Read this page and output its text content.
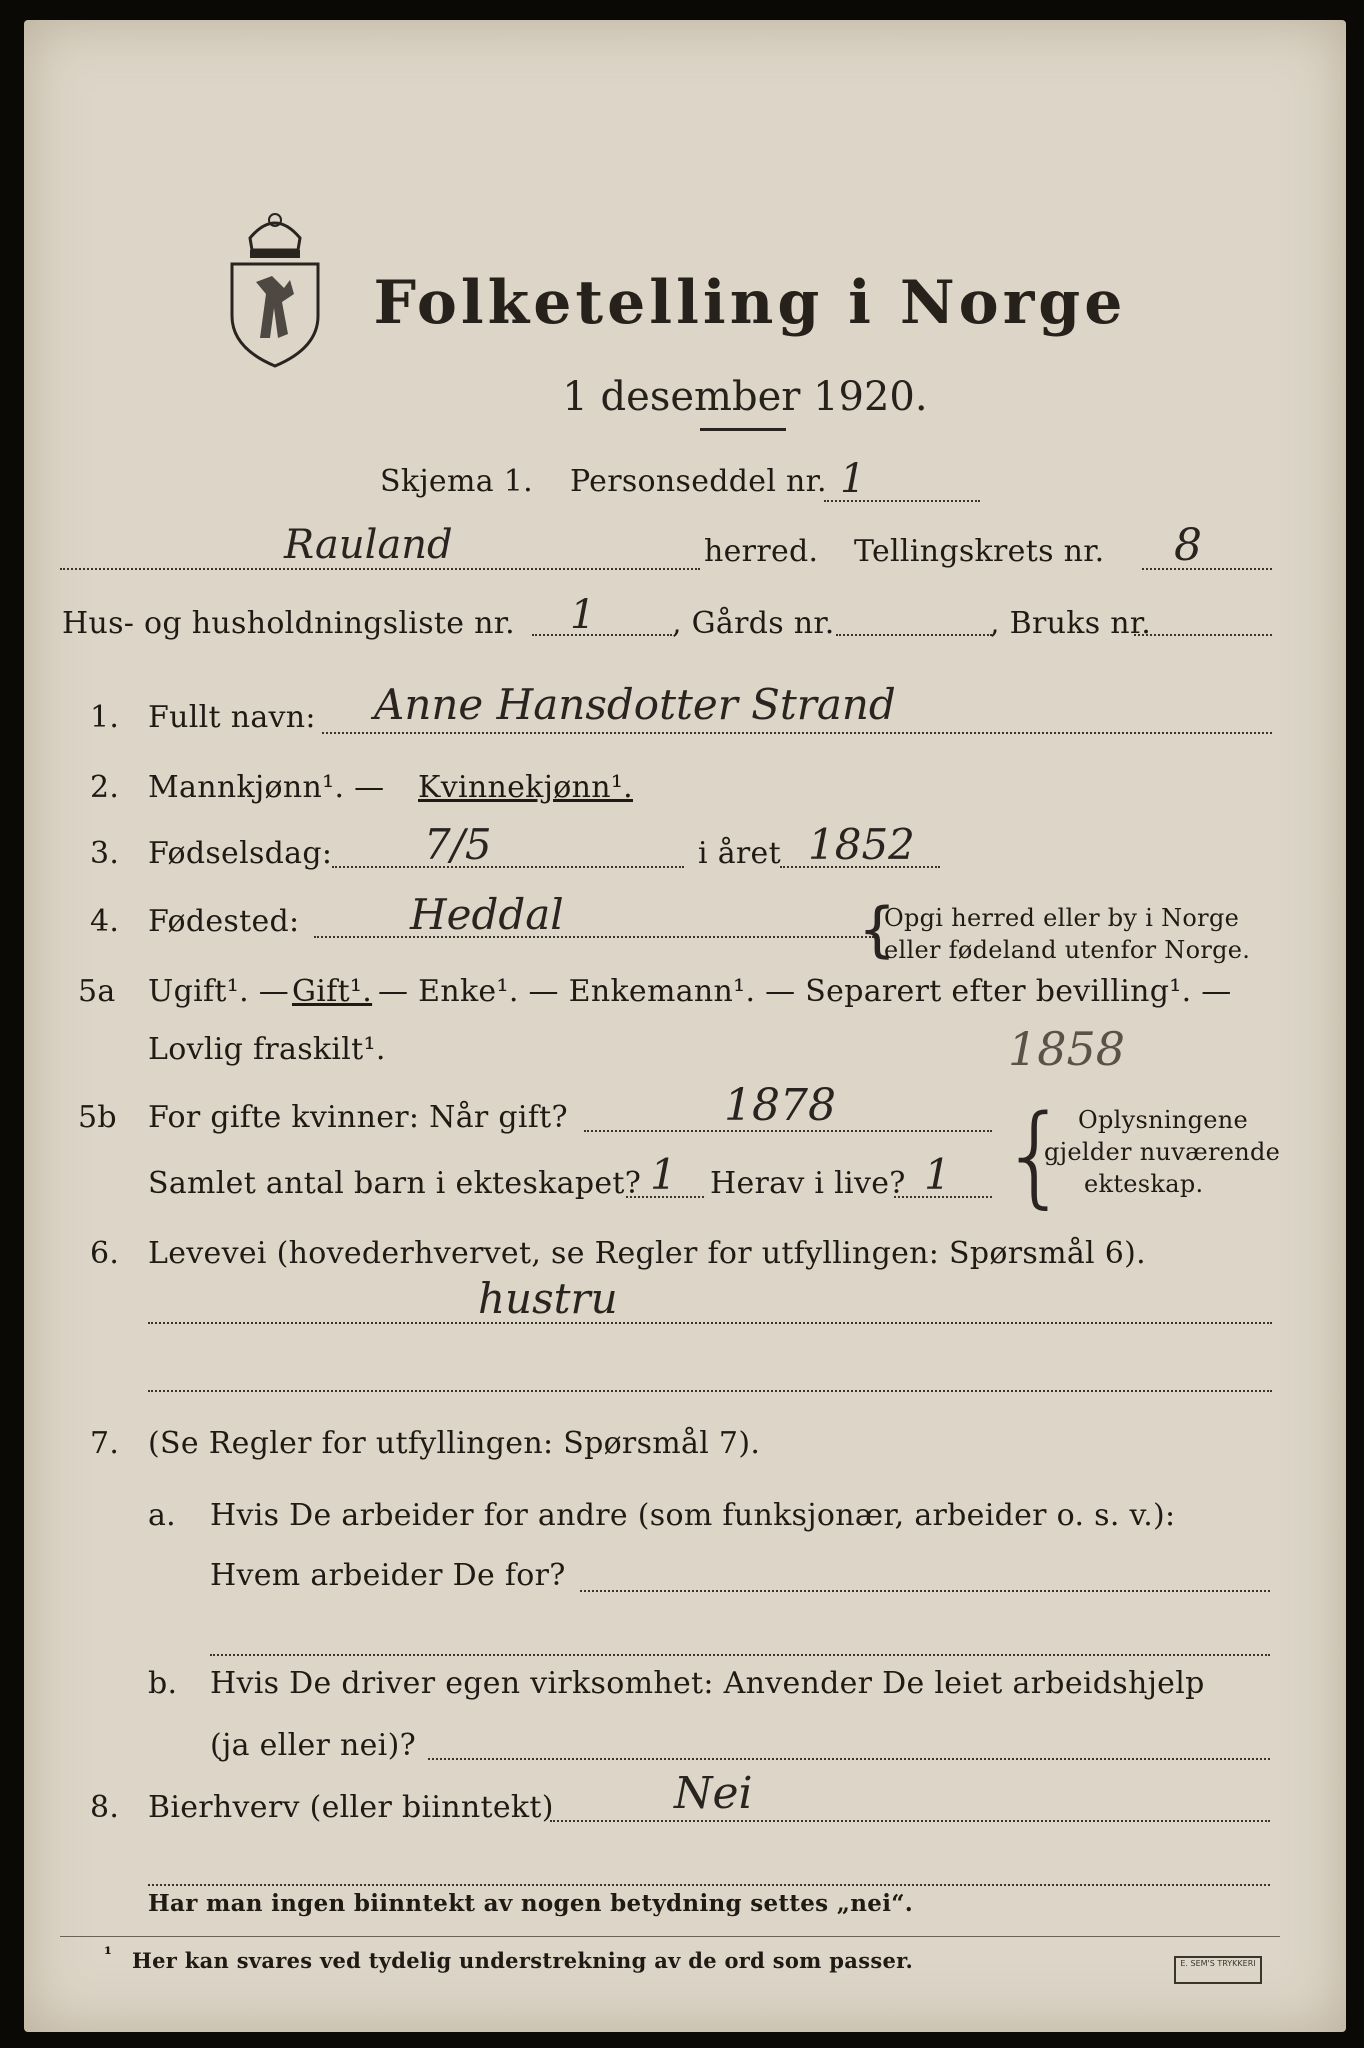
Folketelling i Norge
1 desember 1920.
Skjema 1. Personseddel nr. 1
Rauland	herred. Tellingskrets nr. 8
Hus- og husholdningsliste nr. 1	, Gårds nr.	, Bruks nr.
1. Fullt navn: Anne Hansdotter Strand
2. Mannkjønn¹. — Kvinnekjønn¹.
3. Fødselsdag: 7/5	i året 1852
4. Fødested:	Heddal	{
Opgi herred eller by i Norge
eller fødeland utenfor Norge.
5a Ugift¹. — Gift¹. — Enke¹. — Enkemann¹. — Separert efter bevilling¹. —
Lovlig fraskilt¹.	1858
5b For gifte kvinner: Når gift?	1878
Samlet antal barn i ekteskapet? 1 Herav i live? 1 { Oplysningene
gjelder nuværende
ekteskap.
6. Levevei (hovederhvervet, se Regler for utfyllingen: Spørsmål 6).
hustru
7. (Se Regler for utfyllingen: Spørsmål 7).
a. Hvis De arbeider for andre (som funksjonær, arbeider o. s. v.):
Hvem arbeider De for?
b. Hvis De driver egen virksomhet: Anvender De leiet arbeidshjelp
(ja eller nei)?
8. Bierhverv (eller biinntekt)	Nei
Har man ingen biinntekt av nogen betydning settes „nei“.
¹ Her kan svares ved tydelig understrekning av de ord som passer.	E. SEM'S TRYKKERI
